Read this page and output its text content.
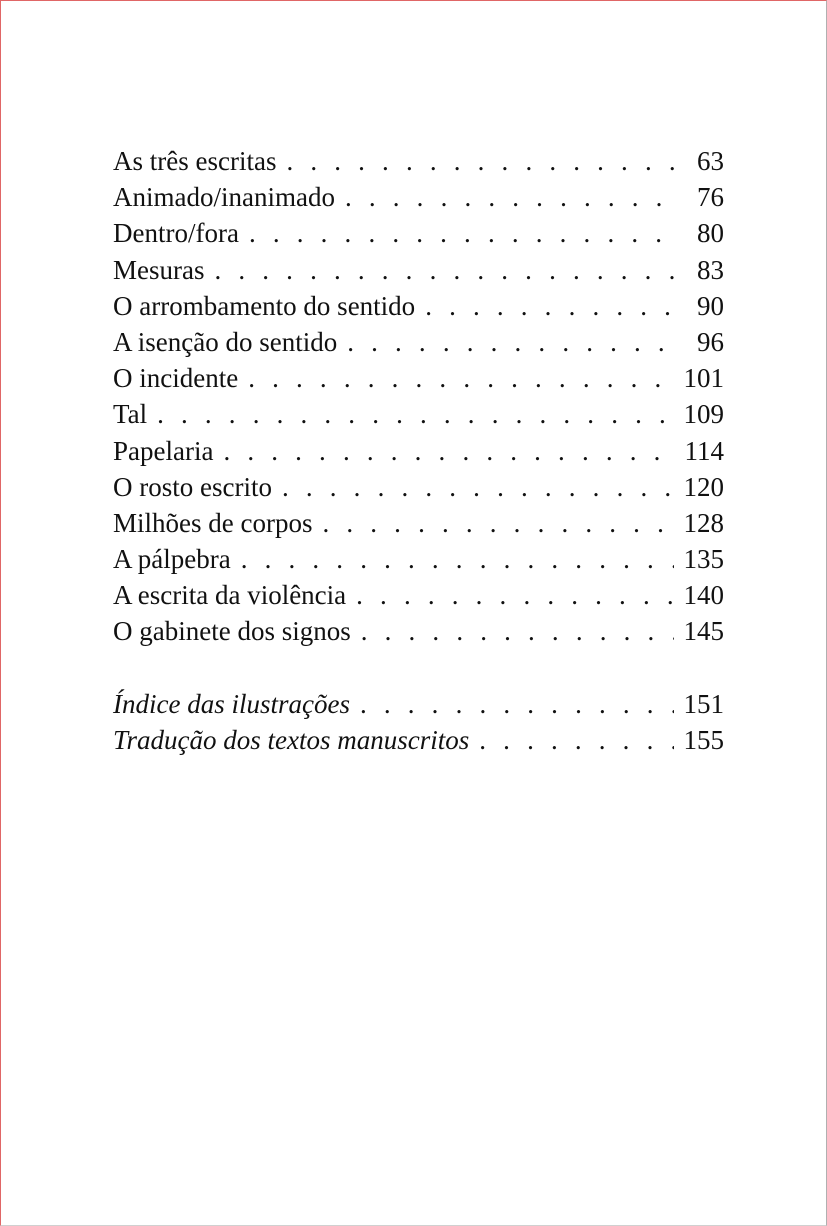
As três escritas . . .	63
Animado/inanimado . . .	76
Dentro/fora . . .	80
Mesuras . . .	83
O arrombamento do sentido . . .	90
A isenção do sentido . . .	96
O incidente . . .	101
Tal . . .	109
Papelaria . . .	114
O rosto escrito . . .	120
Milhões de corpos . . .	128
A pálpebra . . .	135
A escrita da violência . . .	140
O gabinete dos signos . . .	145
Índice das ilustrações . . .	151
Tradução dos textos manuscritos . . .	155
